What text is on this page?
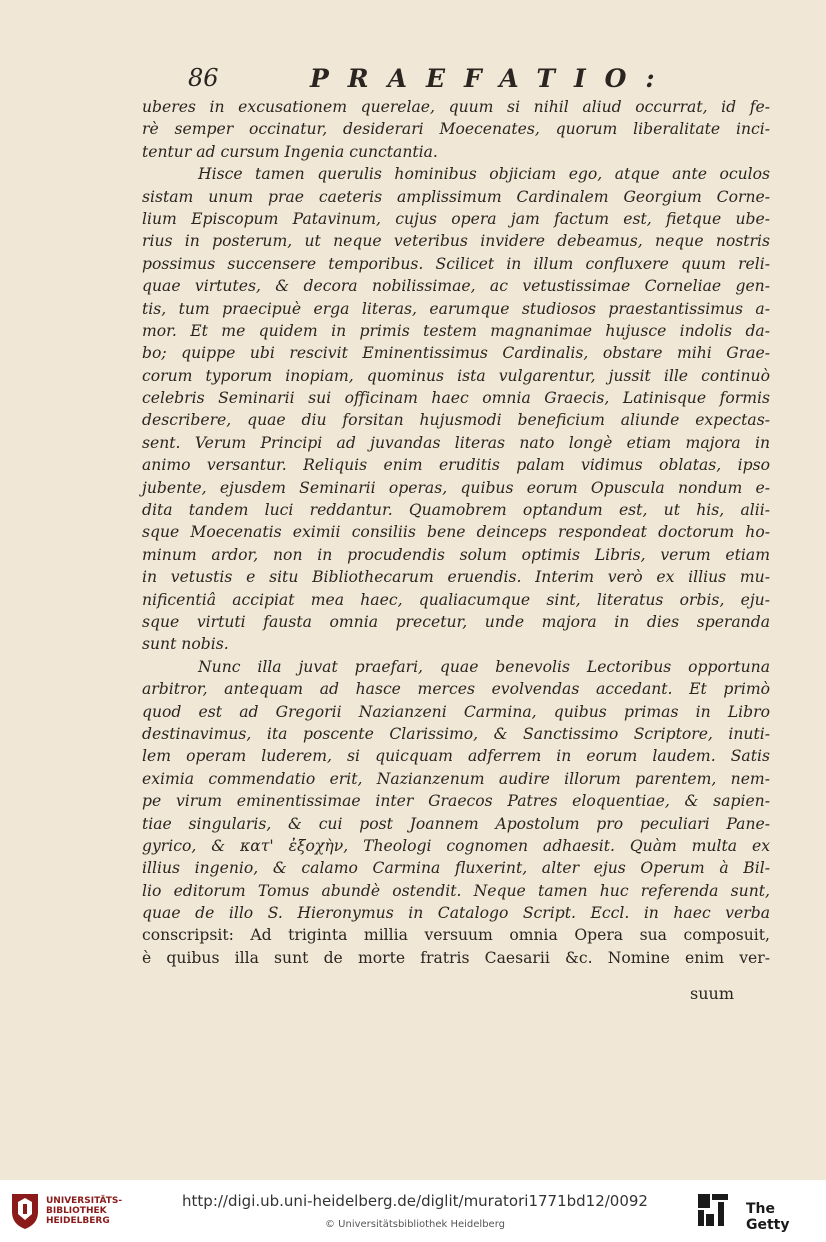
86	PRAEFATIO:
uberes in excusationem querelae, quum si nihil aliud occurrat, id fe-
rè semper occinatur, desiderari Moecenates, quorum liberalitate inci-
tentur ad cursum Ingenia cunctantia.
Hisce tamen querulis hominibus objiciam ego, atque ante oculos
sistam unum prae caeteris amplissimum Cardinalem Georgium Corne-
lium Episcopum Patavinum, cujus opera jam factum est, fietque ube-
rius in posterum, ut neque veteribus invidere debeamus, neque nostris
possimus succensere temporibus. Scilicet in illum confluxere quum reli-
quae virtutes, & decora nobilissimae, ac vetustissimae Corneliae gen-
tis, tum praecipuè erga literas, earumque studiosos praestantissimus a-
mor. Et me quidem in primis testem magnanimae hujusce indolis da-
bo; quippe ubi rescivit Eminentissimus Cardinalis, obstare mihi Grae-
corum typorum inopiam, quominus ista vulgarentur, jussit ille continuò
celebris Seminarii sui officinam haec omnia Graecis, Latinisque formis
describere, quae diu forsitan hujusmodi beneficium aliunde expectas-
sent. Verum Principi ad juvandas literas nato longè etiam majora in
animo versantur. Reliquis enim eruditis palam vidimus oblatas, ipso
jubente, ejusdem Seminarii operas, quibus eorum Opuscula nondum e-
dita tandem luci reddantur. Quamobrem optandum est, ut his, alii-
sque Moecenatis eximii consiliis bene deinceps respondeat doctorum ho-
minum ardor, non in procudendis solum optimis Libris, verum etiam
in vetustis e situ Bibliothecarum eruendis. Interim verò ex illius mu-
nificentiâ accipiat mea haec, qualiacumque sint, literatus orbis, eju-
sque virtuti fausta omnia precetur, unde majora in dies speranda
sunt nobis.
Nunc illa juvat praefari, quae benevolis Lectoribus opportuna
arbitror, antequam ad hasce merces evolvendas accedant. Et primò
quod est ad Gregorii Nazianzeni Carmina, quibus primas in Libro
destinavimus, ita poscente Clarissimo, & Sanctissimo Scriptore, inuti-
lem operam luderem, si quicquam adferrem in eorum laudem. Satis
eximia commendatio erit, Nazianzenum audire illorum parentem, nem-
pe virum eminentissimae inter Graecos Patres eloquentiae, & sapien-
tiae singularis, & cui post Joannem Apostolum pro peculiari Pane-
gyrico, & κατ' ἐξοχὴν, Theologi cognomen adhaesit. Quàm multa ex
illius ingenio, & calamo Carmina fluxerint, alter ejus Operum à Bil-
lio editorum Tomus abundè ostendit. Neque tamen huc referenda sunt,
quae de illo S. Hieronymus in Catalogo Script. Eccl. in haec verba
conscripsit: Ad triginta millia versuum omnia Opera sua composuit,
è quibus illa sunt de morte fratris Caesarii &c. Nomine enim ver-
suum
UNIVERSITÄTS-
BIBLIOTHEK
HEIDELBERG
http://digi.ub.uni-heidelberg.de/diglit/muratori1771bd12/0092
© Universitätsbibliothek Heidelberg
The Getty
